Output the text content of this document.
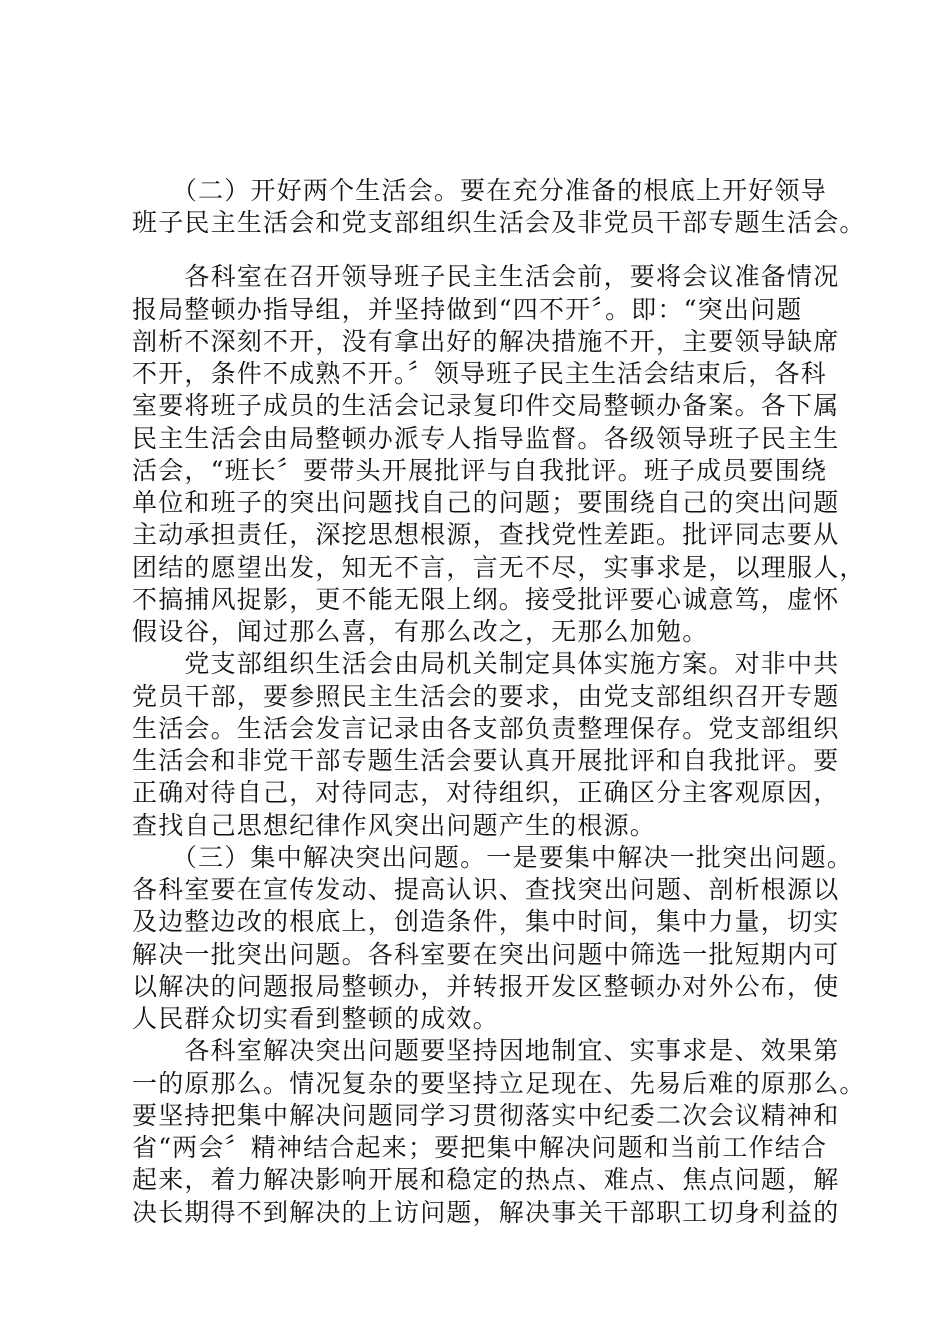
　　（二）开好两个生活会。要在充分准备的根底上开好领导
班子民主生活会和党支部组织生活会及非党员干部专题生活会。
　　各科室在召开领导班子民主生活会前，要将会议准备情况
报局整顿办指导组，并坚持做到“四不开〞。即：“突出问题
剖析不深刻不开，没有拿出好的解决措施不开，主要领导缺席
不开，条件不成熟不开。〞领导班子民主生活会结束后，各科
室要将班子成员的生活会记录复印件交局整顿办备案。各下属
民主生活会由局整顿办派专人指导监督。各级领导班子民主生
活会，“班长〞要带头开展批评与自我批评。班子成员要围绕
单位和班子的突出问题找自己的问题；要围绕自己的突出问题
主动承担责任，深挖思想根源，查找党性差距。批评同志要从
团结的愿望出发，知无不言，言无不尽，实事求是，以理服人，
不搞捕风捉影，更不能无限上纲。接受批评要心诚意笃，虚怀
假设谷，闻过那么喜，有那么改之，无那么加勉。
　　党支部组织生活会由局机关制定具体实施方案。对非中共
党员干部，要参照民主生活会的要求，由党支部组织召开专题
生活会。生活会发言记录由各支部负责整理保存。党支部组织
生活会和非党干部专题生活会要认真开展批评和自我批评。要
正确对待自己，对待同志，对待组织，正确区分主客观原因，
查找自己思想纪律作风突出问题产生的根源。
　　（三）集中解决突出问题。一是要集中解决一批突出问题。
各科室要在宣传发动、提高认识、查找突出问题、剖析根源以
及边整边改的根底上，创造条件，集中时间，集中力量，切实
解决一批突出问题。各科室要在突出问题中筛选一批短期内可
以解决的问题报局整顿办，并转报开发区整顿办对外公布，使
人民群众切实看到整顿的成效。
　　各科室解决突出问题要坚持因地制宜、实事求是、效果第
一的原那么。情况复杂的要坚持立足现在、先易后难的原那么。
要坚持把集中解决问题同学习贯彻落实中纪委二次会议精神和
省“两会〞精神结合起来；要把集中解决问题和当前工作结合
起来，着力解决影响开展和稳定的热点、难点、焦点问题，解
决长期得不到解决的上访问题，解决事关干部职工切身利益的
